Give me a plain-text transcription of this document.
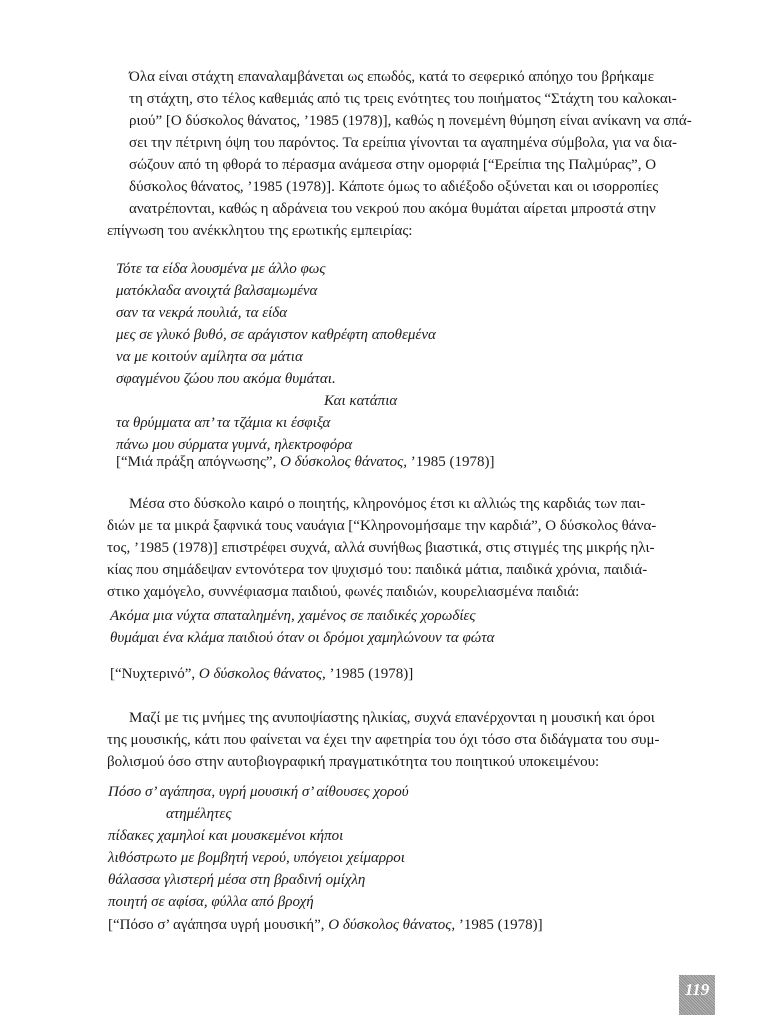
Όλα είναι στάχτη επαναλαμβάνεται ως επωδός, κατά το σεφερικό απόηχο του βρήκαμε
τη στάχτη, στο τέλος καθεμιάς από τις τρεις ενότητες του ποιήματος “Στάχτη του καλοκαι-
ριού” [Ο δύσκολος θάνατος, ’1985 (1978)], καθώς η πονεμένη θύμηση είναι ανίκανη να σπά-
σει την πέτρινη όψη του παρόντος. Τα ερείπια γίνονται τα αγαπημένα σύμβολα, για να δια-
σώζουν από τη φθορά το πέρασμα ανάμεσα στην ομορφιά [“Ερείπια της Παλμύρας”, Ο
δύσκολος θάνατος, ’1985 (1978)]. Κάποτε όμως το αδιέξοδο οξύνεται και οι ισορροπίες
ανατρέπονται, καθώς η αδράνεια του νεκρού που ακόμα θυμάται αίρεται μπροστά στην
επίγνωση του ανέκκλητου της ερωτικής εμπειρίας:

Τότε τα είδα λουσμένα με άλλο φως
ματόκλαδα ανοιχτά βαλσαμωμένα
σαν τα νεκρά πουλιά, τα είδα
μες σε γλυκό βυθό, σε αράγιστον καθρέφτη αποθεμένα
να με κοιτούν αμίλητα σα μάτια
σφαγμένου ζώου που ακόμα θυμάται.
Και κατάπια
τα θρύμματα απ’ τα τζάμια κι έσφιξα
πάνω μου σύρματα γυμνά, ηλεκτροφόρα

[“Μιά πράξη απόγνωσης”, Ο δύσκολος θάνατος, ’1985 (1978)]

Μέσα στο δύσκολο καιρό ο ποιητής, κληρονόμος έτσι κι αλλιώς της καρδιάς των παι-
διών με τα μικρά ξαφνικά τους ναυάγια [“Κληρονομήσαμε την καρδιά”, Ο δύσκολος θάνα-
τος, ’1985 (1978)] επιστρέφει συχνά, αλλά συνήθως βιαστικά, στις στιγμές της μικρής ηλι-
κίας που σημάδεψαν εντονότερα τον ψυχισμό του: παιδικά μάτια, παιδικά χρόνια, παιδιά-
στικο χαμόγελο, συννέφιασμα παιδιού, φωνές παιδιών, κουρελιασμένα παιδιά:

Ακόμα μια νύχτα σπαταλημένη, χαμένος σε παιδικές χορωδίες
θυμάμαι ένα κλάμα παιδιού όταν οι δρόμοι χαμηλώνουν τα φώτα

[“Νυχτερινό”, Ο δύσκολος θάνατος, ’1985 (1978)]

Μαζί με τις μνήμες της ανυποψίαστης ηλικίας, συχνά επανέρχονται η μουσική και όροι
της μουσικής, κάτι που φαίνεται να έχει την αφετηρία του όχι τόσο στα διδάγματα του συμ-
βολισμού όσο στην αυτοβιογραφική πραγματικότητα του ποιητικού υποκειμένου:

Πόσο σ’ αγάπησα, υγρή μουσική σ’ αίθουσες χορού
ατημέλητες
πίδακες χαμηλοί και μουσκεμένοι κήποι
λιθόστρωτο με βομβητή νερού, υπόγειοι χείμαρροι
θάλασσα γλιστερή μέσα στη βραδινή ομίχλη
ποιητή σε αφίσα, φύλλα από βροχή

[“Πόσο σ’ αγάπησα υγρή μουσική”, Ο δύσκολος θάνατος, ’1985 (1978)]

119
